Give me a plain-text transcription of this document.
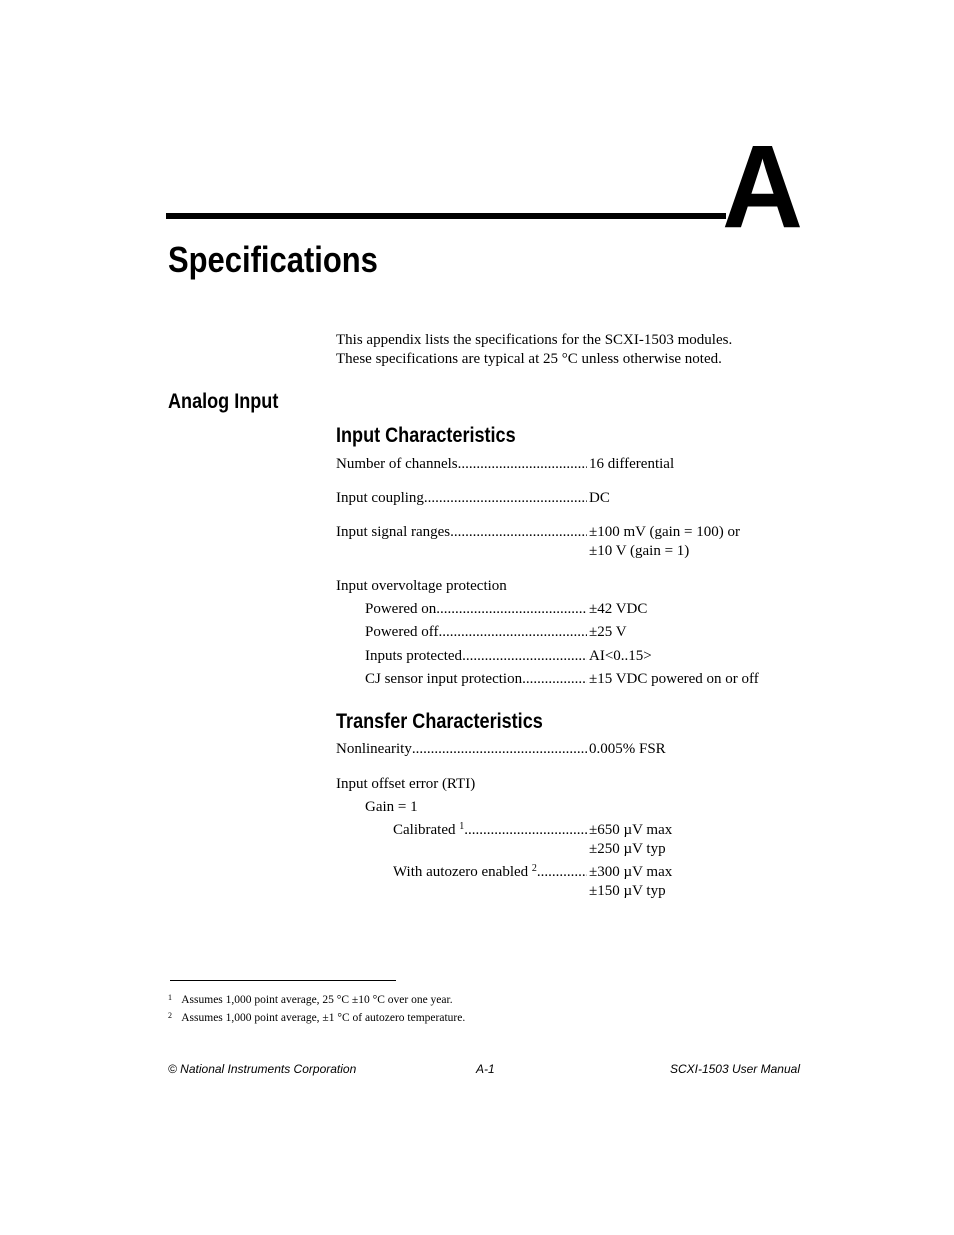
A
Specifications
This appendix lists the specifications for the SCXI-1503 modules.
These specifications are typical at 25 °C unless otherwise noted.
Analog Input
Input Characteristics
Number of channels .....	16 differential
Input coupling .....	DC
Input signal ranges .....	±100 mV (gain = 100) or
±10 V (gain = 1)
Input overvoltage protection
Powered on .....	±42 VDC
Powered off .....	±25 V
Inputs protected .....	AI<0..15>
CJ sensor input protection .....	±15 VDC powered on or off
Transfer Characteristics
Nonlinearity .....	0.005% FSR
Input offset error (RTI)
Gain = 1
Calibrated $^1$ .....	±650 µV max
±250 µV typ
With autozero enabled $^2$ .....	±300 µV max
±150 µV typ
1 Assumes 1,000 point average, 25 °C ±10 °C over one year.
2 Assumes 1,000 point average, ±1 °C of autozero temperature.
© National Instruments Corporation	A-1	SCXI-1503 User Manual
